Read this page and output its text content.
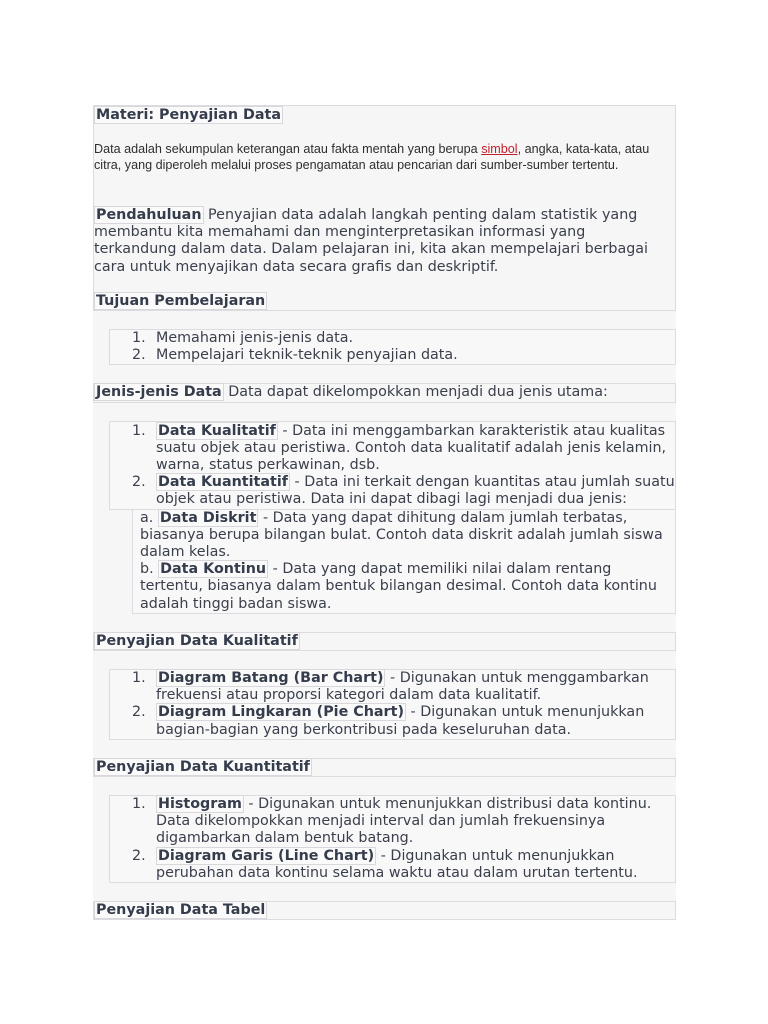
Materi: Penyajian Data
Data adalah sekumpulan keterangan atau fakta mentah yang berupa simbol, angka, kata-kata, atau citra, yang diperoleh melalui proses pengamatan atau pencarian dari sumber-sumber tertentu.
Pendahuluan Penyajian data adalah langkah penting dalam statistik yang membantu kita memahami dan menginterpretasikan informasi yang terkandung dalam data. Dalam pelajaran ini, kita akan mempelajari berbagai cara untuk menyajikan data secara grafis dan deskriptif.
Tujuan Pembelajaran
1. Memahami jenis-jenis data.
2. Mempelajari teknik-teknik penyajian data.
Jenis-jenis Data Data dapat dikelompokkan menjadi dua jenis utama:
1. Data Kualitatif - Data ini menggambarkan karakteristik atau kualitas suatu objek atau peristiwa. Contoh data kualitatif adalah jenis kelamin, warna, status perkawinan, dsb.
2. Data Kuantitatif - Data ini terkait dengan kuantitas atau jumlah suatu objek atau peristiwa. Data ini dapat dibagi lagi menjadi dua jenis:
a. Data Diskrit - Data yang dapat dihitung dalam jumlah terbatas, biasanya berupa bilangan bulat. Contoh data diskrit adalah jumlah siswa dalam kelas.
b. Data Kontinu - Data yang dapat memiliki nilai dalam rentang tertentu, biasanya dalam bentuk bilangan desimal. Contoh data kontinu adalah tinggi badan siswa.
Penyajian Data Kualitatif
1. Diagram Batang (Bar Chart) - Digunakan untuk menggambarkan frekuensi atau proporsi kategori dalam data kualitatif.
2. Diagram Lingkaran (Pie Chart) - Digunakan untuk menunjukkan bagian-bagian yang berkontribusi pada keseluruhan data.
Penyajian Data Kuantitatif
1. Histogram - Digunakan untuk menunjukkan distribusi data kontinu. Data dikelompokkan menjadi interval dan jumlah frekuensinya digambarkan dalam bentuk batang.
2. Diagram Garis (Line Chart) - Digunakan untuk menunjukkan perubahan data kontinu selama waktu atau dalam urutan tertentu.
Penyajian Data Tabel
